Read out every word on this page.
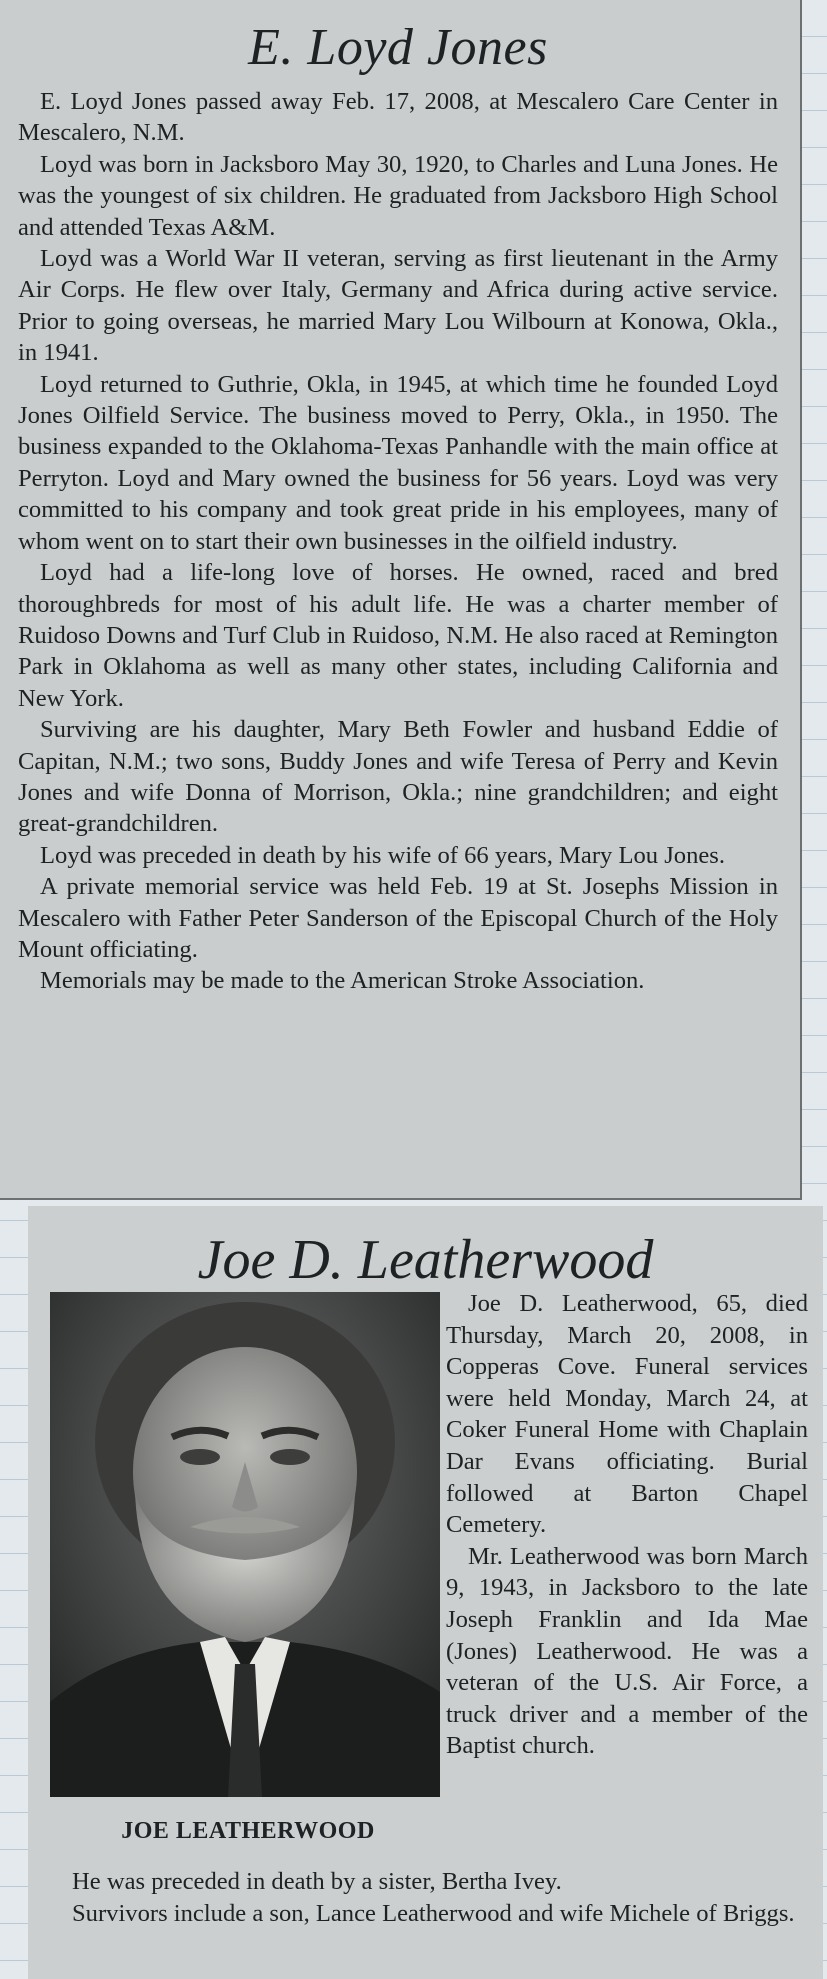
E. Loyd Jones

E. Loyd Jones passed away Feb. 17, 2008, at Mescalero Care Center in Mescalero, N.M.

Loyd was born in Jacksboro May 30, 1920, to Charles and Luna Jones. He was the youngest of six children. He graduated from Jacksboro High School and attended Texas A&M.

Loyd was a World War II veteran, serving as first lieutenant in the Army Air Corps. He flew over Italy, Germany and Africa during active service. Prior to going overseas, he married Mary Lou Wilbourn at Konowa, Okla., in 1941.

Loyd returned to Guthrie, Okla, in 1945, at which time he founded Loyd Jones Oilfield Service. The business moved to Perry, Okla., in 1950. The business expanded to the Oklahoma-Texas Panhandle with the main office at Perryton. Loyd and Mary owned the business for 56 years. Loyd was very committed to his company and took great pride in his employees, many of whom went on to start their own businesses in the oilfield industry.

Loyd had a life-long love of horses. He owned, raced and bred thoroughbreds for most of his adult life. He was a charter member of Ruidoso Downs and Turf Club in Ruidoso, N.M. He also raced at Remington Park in Oklahoma as well as many other states, including California and New York.

Surviving are his daughter, Mary Beth Fowler and husband Eddie of Capitan, N.M.; two sons, Buddy Jones and wife Teresa of Perry and Kevin Jones and wife Donna of Morrison, Okla.; nine grandchildren; and eight great-grandchildren.

Loyd was preceded in death by his wife of 66 years, Mary Lou Jones.

A private memorial service was held Feb. 19 at St. Josephs Mission in Mescalero with Father Peter Sanderson of the Episcopal Church of the Holy Mount officiating.

Memorials may be made to the American Stroke Association.

Joe D. Leatherwood
JOE LEATHERWOOD

Joe D. Leatherwood, 65, died Thursday, March 20, 2008, in Copperas Cove. Funeral services were held Monday, March 24, at Coker Funeral Home with Chaplain Dar Evans officiating. Burial followed at Barton Chapel Cemetery.

Mr. Leatherwood was born March 9, 1943, in Jacksboro to the late Joseph Franklin and Ida Mae (Jones) Leatherwood. He was a veteran of the U.S. Air Force, a truck driver and a member of the Baptist church.

He was preceded in death by a sister, Bertha Ivey.

Survivors include a son, Lance Leatherwood and wife Michele of Briggs.
